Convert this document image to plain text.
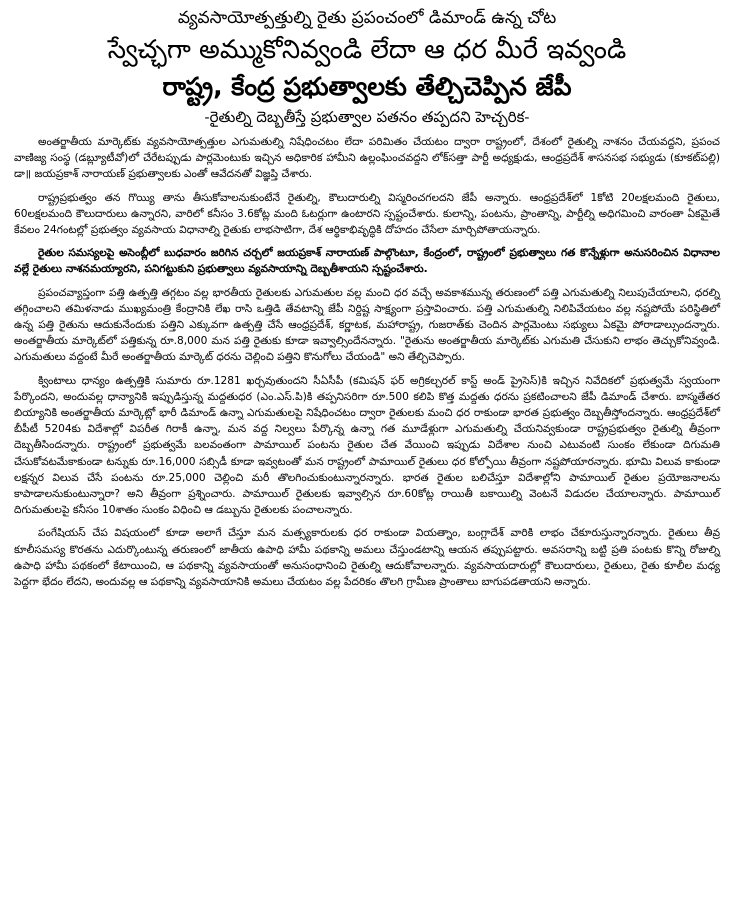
వ్యవసాయోత్పత్తుల్ని రైతు ప్రపంచంలో డిమాండ్ ఉన్న చోట

స్వేచ్ఛగా అమ్ముకోనివ్వండి లేదా ఆ ధర మీరే ఇవ్వండి
రాష్ట్ర, కేంద్ర ప్రభుత్వాలకు తేల్చిచెప్పిన జేపీ

-రైతుల్ని దెబ్బతీస్తే ప్రభుత్వాల పతనం తప్పదని హెచ్చరిక-

అంతర్జాతీయ మార్కెట్‌కు వ్యవసాయోత్పత్తుల ఎగుమతుల్ని నిషేధించటం లేదా పరిమితం చేయటం ద్వారా రాష్ట్రంలో, దేశంలో రైతుల్ని నాశనం చేయవద్దని, ప్రపంచ వాణిజ్య సంస్థ (డబ్ల్యూటీవో)లో చేరేటప్పుడు పార్లమెంటుకు ఇచ్చిన అధికారిక హామీని ఉల్లంఘించవద్దని లోక్‌సత్తా పార్టీ అధ్యక్షుడు, ఆంధ్రప్రదేశ్ శాసనసభ సభ్యుడు (కూకట్‌పల్లి) డా॥ జయప్రకాశ్ నారాయణ్ ప్రభుత్వాలకు ఎంతో ఆవేదనతో విజ్ఞప్తి చేశారు.

రాష్ట్రప్రభుత్వం తన గొయ్యి తాను తీసుకోవాలనుకుంటేనే రైతుల్ని, కౌలుదారుల్ని విస్మరించగలదని జేపీ అన్నారు. ఆంధ్రప్రదేశ్‌లో 1కోటి 20లక్షలమంది రైతులు, 60లక్షలమంది కౌలుదారులు ఉన్నారని, వారిలో కనీసం 3.6కోట్ల మంది ఓటర్లుగా ఉంటారని స్పష్టంచేశారు. కులాన్ని, పంటను, ప్రాంతాన్ని, పార్టీల్ని అధిగమించి వారంతా ఏకమైతే కేవలం 24గంటల్లో ప్రభుత్వం వ్యవసాయ విధానాల్ని రైతుకు లాభసాటిగా, దేశ ఆర్థికాభివృద్ధికి దోహదం చేసేలా మార్చిపోతాయన్నారు.

రైతుల సమస్యలపై అసెంబ్లీలో బుధవారం జరిగిన చర్చలో జయప్రకాశ్ నారాయణ్ పాల్గొంటూ, కేంద్రంలో, రాష్ట్రంలో ప్రభుత్వాలు గత కొన్నేళ్లుగా అనుసరించిన విధానాల వల్లే రైతులు నాశనమయ్యారని, పనిగట్టుకుని ప్రభుత్వాలు వ్యవసాయాన్ని దెబ్బతీశాయని స్పష్టంచేశారు.

ప్రపంచవ్యాప్తంగా పత్తి ఉత్పత్తి తగ్గటం వల్ల భారతీయ రైతులకు ఎగుమతుల వల్ల మంచి ధర వచ్చే అవకాశమున్న తరుణంలో పత్తి ఎగుమతుల్ని నిలుపుచేయాలని, ధరల్ని తగ్గించాలని తమిళనాడు ముఖ్యమంత్రి కేంద్రానికి లేఖ రాసి ఒత్తిడి తేవటాన్ని జేపీ నిర్దిష్ట సాక్ష్యంగా ప్రస్తావించారు. పత్తి ఎగుమతుల్ని నిలిపివేయటం వల్ల నష్టపోయే పరిస్థితిలో ఉన్న పత్తి రైతును ఆదుకునేందుకు పత్తిని ఎక్కువగా ఉత్పత్తి చేసే ఆంధ్రప్రదేశ్, కర్ణాటక, మహారాష్ట్ర, గుజరాత్‌కు చెందిన పార్లమెంటు సభ్యులు ఏకమై పోరాడాల్సుందన్నారు. అంతర్జాతీయ మార్కెట్‌లో పత్తికున్న రూ.8,000 మన పత్తి రైతుకు కూడా ఇవ్వాల్సిందేనన్నారు. "రైతును అంతర్జాతీయ మార్కెట్‌కు ఎగుమతి చేసుకుని లాభం తెచ్చుకోనివ్వండి. ఎగుమతులు వద్దంటే మీరే అంతర్జాతీయ మార్కెట్ ధరను చెల్లించి పత్తిని కొనుగోలు చేయండి" అని తేల్చిచెప్పారు.

క్వింటాలు ధాన్యం ఉత్పత్తికి సుమారు రూ.1281 ఖర్చవుతుందని సీఏసీపీ (కమిషన్ ఫర్ అగ్రికల్చరల్ కాస్ట్ అండ్ ప్రైసెస్)కి ఇచ్చిన నివేదికలో ప్రభుత్వమే స్వయంగా పేర్కొందని, అందువల్ల ధాన్యానికి ఇప్పుడిస్తున్న మద్దతుధర (ఎం.ఎస్.పి)కి తప్పనిసరిగా రూ.500 కలిపి కొత్త మద్దతు ధరను ప్రకటించాలని జేపీ డిమాండ్ చేశారు. బాస్మతేతర బియ్యానికి అంతర్జాతీయ మార్కెట్లో భారీ డిమాండ్ ఉన్నా ఎగుమతులపై నిషేధించటం ద్వారా రైతులకు మంచి ధర రాకుండా భారత ప్రభుత్వం దెబ్బతీస్తోందన్నారు. ఆంధ్రప్రదేశ్‌లో బీపీటీ 5204కు విదేశాల్లో విపరీత గిరాకీ ఉన్నా, మన వద్ద నిల్వలు పేర్కొన్న ఉన్నా గత మూడేళ్లుగా ఎగుమతుల్ని చేయనివ్వకుండా రాష్ట్రప్రభుత్వం రైతుల్ని తీవ్రంగా దెబ్బతీసిందన్నారు. రాష్ట్రంలో ప్రభుత్వమే బలవంతంగా పామాయిల్ పంటను రైతుల చేత వేయించి ఇప్పుడు విదేశాల నుంచి ఎటువంటి సుంకం లేకుండా దిగుమతి చేసుకోవటమేకాకుండా టన్నుకు రూ.16,000 సబ్సిడీ కూడా ఇవ్వటంతో మన రాష్ట్రంలో పామాయిల్ రైతులు ధర కోల్పోయి తీవ్రంగా నష్టపోయారన్నారు. భూమి విలువ కాకుండా లక్షన్నర విలువ చేసే పంటను రూ.25,000 చెల్లించి మరీ తొలగించుకుంటున్నారన్నారు. భారత రైతుల బలిచేస్తూ విదేశాల్లోని పామాయిల్ రైతుల ప్రయోజనాలను కాపాడాలనుకుంటున్నారా? అని తీవ్రంగా ప్రశ్నించారు. పామాయిల్ రైతులకు ఇవ్వాల్సిన రూ.60కోట్ల రాయితీ బకాయిల్ని వెంటనే విడుదల చేయాలన్నారు. పామాయిల్ దిగుమతులపై కనీసం 10శాతం సుంకం విధించి ఆ డబ్బును రైతులకు పంచాలన్నారు.

పంగేషియస్ చేప విషయంలో కూడా అలాగే చేస్తూ మన మత్స్యకారులకు ధర రాకుండా వియత్నాం, బంగ్లాదేశ్ వారికి లాభం చేకూరుస్తున్నారన్నారు. రైతులు తీవ్ర కూలీసమస్య కొరతను ఎదుర్కొంటున్న తరుణంలో జాతీయ ఉపాధి హామీ పథకాన్ని అమలు చేస్తుండటాన్ని ఆయన తప్పుపట్టారు. అవసరాన్ని బట్టి ప్రతి పంటకు కొన్ని రోజుల్ని ఉపాధి హామీ పథకంలో కేటాయించి, ఆ పథకాన్ని వ్యవసాయంతో అనుసంధానించి రైతుల్ని ఆదుకోవాలన్నారు. వ్యవసాయదారుల్లో కౌలుదారులు, రైతులు, రైతు కూలీల మధ్య పెద్దగా భేదం లేదని, అందువల్ల ఆ పథకాన్ని వ్యవసాయానికి అమలు చేయటం వల్ల పేదరికం తొలగి గ్రామీణ ప్రాంతాలు బాగుపడతాయని అన్నారు.
